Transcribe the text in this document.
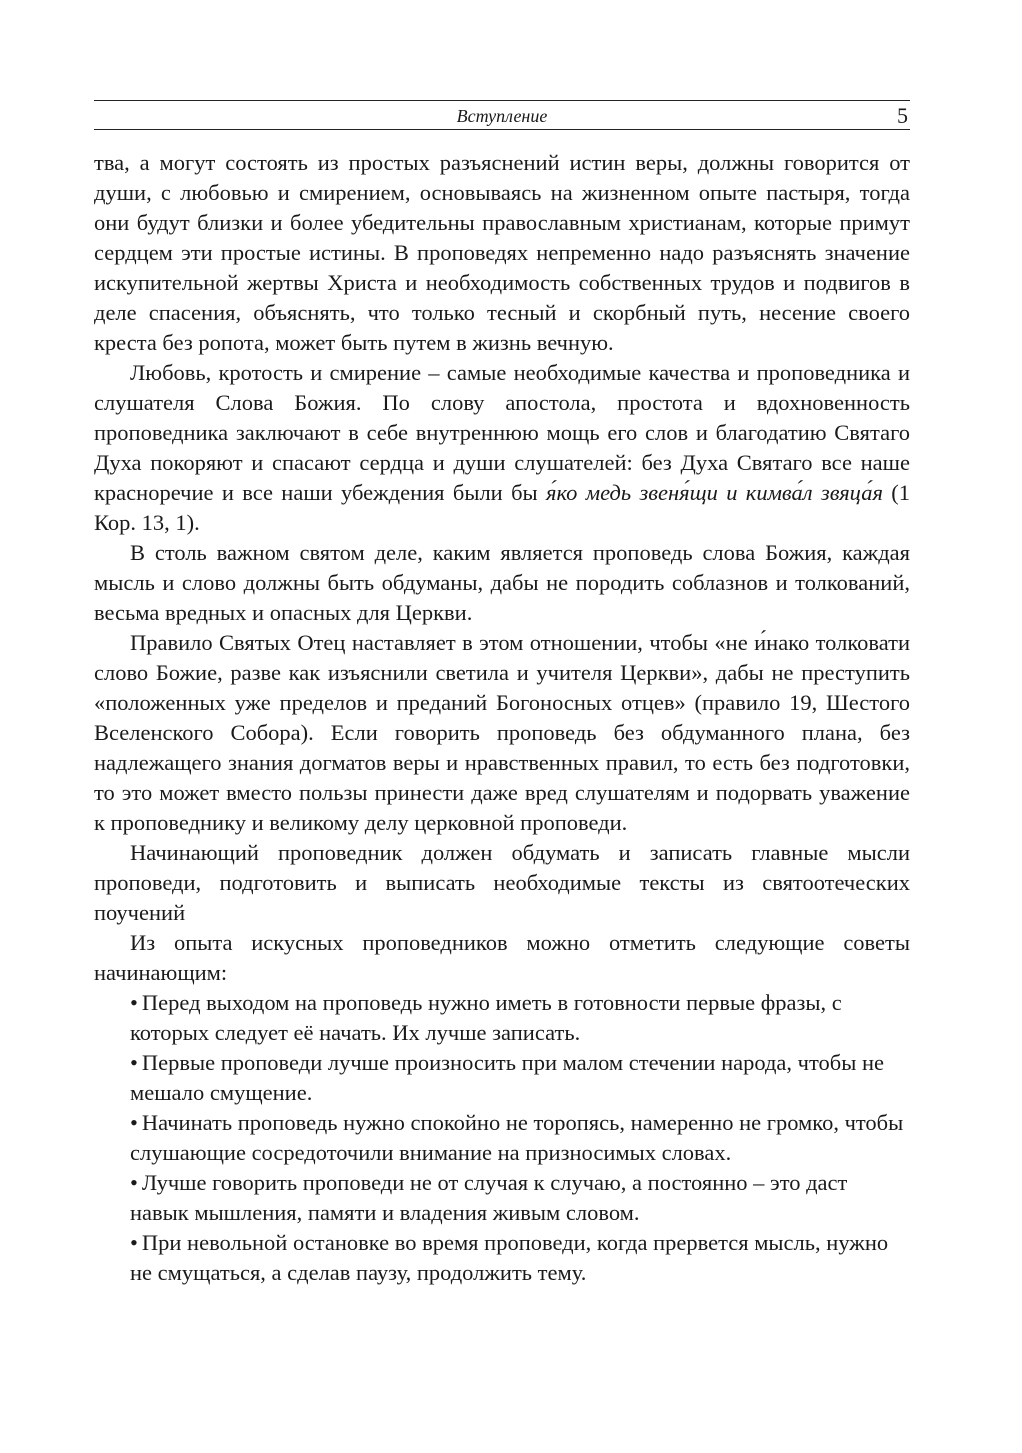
Вступление	5

тва, а могут состоять из простых разъяснений истин веры, должны говорится от души, с любовью и смирением, основываясь на жизненном опыте пастыря, тогда они будут близки и более убедительны православным христианам, которые примут сердцем эти простые истины. В проповедях непременно надо разъяснять значение искупительной жертвы Христа и необходимость собственных трудов и подвигов в деле спасения, объяснять, что только тесный и скорбный путь, несение своего креста без ропота, может быть путем в жизнь вечную.

Любовь, кротость и смирение – самые необходимые качества и проповедника и слушателя Слова Божия. По слову апостола, простота и вдохновенность проповедника заключают в себе внутреннюю мощь его слов и благодатию Святаго Духа покоряют и спасают сердца и души слушателей: без Духа Святаго все наше красноречие и все наши убеждения были бы я́ко медь звеня́щи и кимва́л звяца́я (1 Кор. 13, 1).

В столь важном святом деле, каким является проповедь слова Божия, каждая мысль и слово должны быть обдуманы, дабы не породить соблазнов и толкований, весьма вредных и опасных для Церкви.

Правило Святых Отец наставляет в этом отношении, чтобы «не и́нако толковати слово Божие, разве как изъяснили светила и учителя Церкви», дабы не преступить «положенных уже пределов и преданий Богоносных отцев» (правило 19, Шестого Вселенского Собора). Если говорить проповедь без обдуманного плана, без надлежащего знания догматов веры и нравственных правил, то есть без подготовки, то это может вместо пользы принести даже вред слушателям и подорвать уважение к проповеднику и великому делу церковной проповеди.

Начинающий проповедник должен обдумать и записать главные мысли проповеди, подготовить и выписать необходимые тексты из святоотеческих поучений

Из опыта искусных проповедников можно отметить следующие советы начинающим:

• Перед выходом на проповедь нужно иметь в готовности первые фразы, с которых следует её начать. Их лучше записать.
• Первые проповеди лучше произносить при малом стечении народа, чтобы не мешало смущение.
• Начинать проповедь нужно спокойно не торопясь, намеренно не громко, чтобы слушающие сосредоточили внимание на призносимых словах.
• Лучше говорить проповеди не от случая к случаю, а постоянно – это даст навык мышления, памяти и владения живым словом.
• При невольной остановке во время проповеди, когда прервется мысль, нужно не смущаться, а сделав паузу, продолжить тему.
